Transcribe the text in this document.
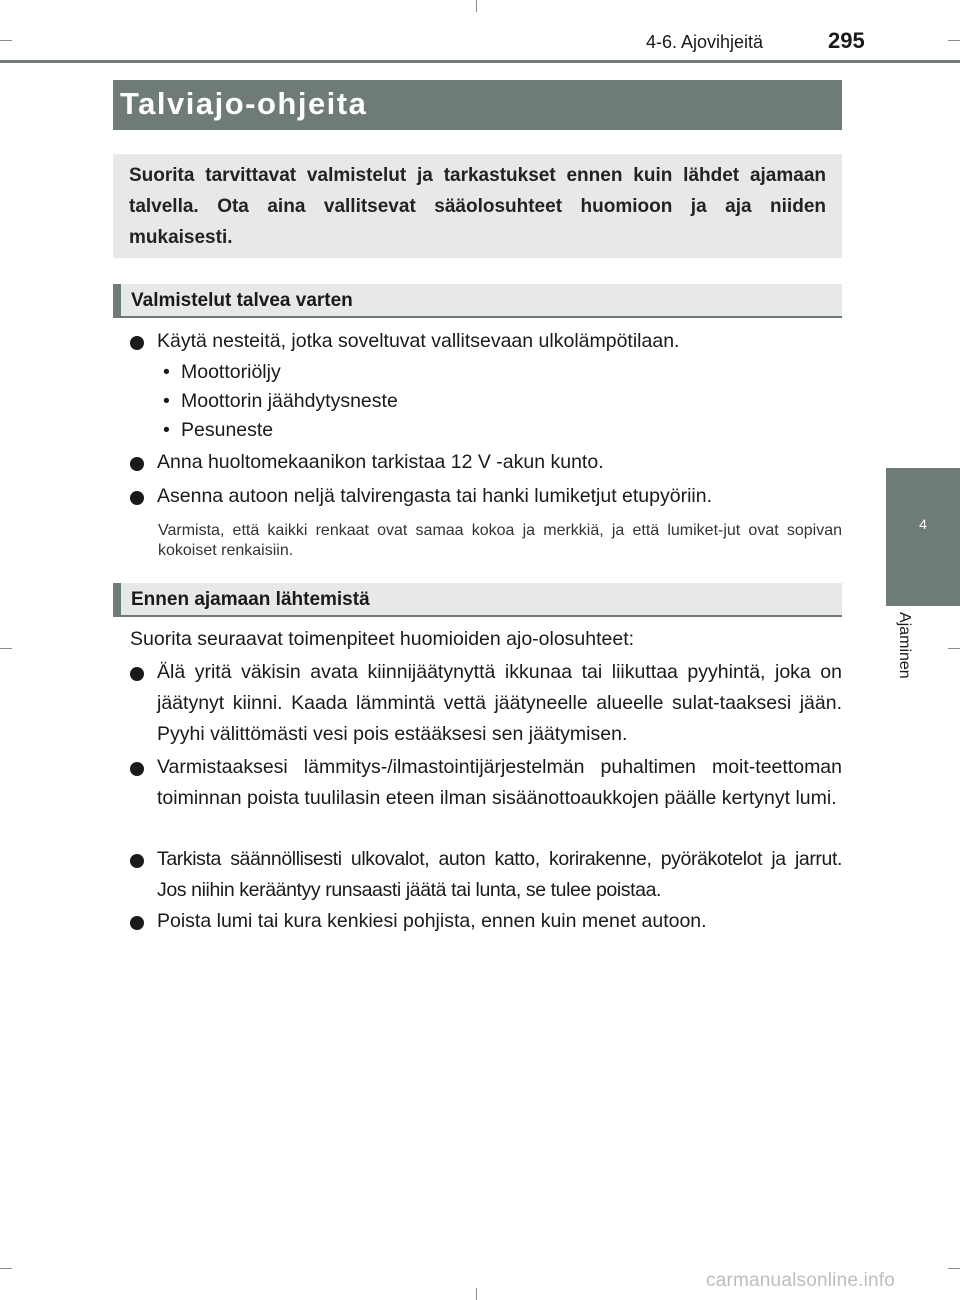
4-6. Ajovihjeitä	295
4
Ajaminen
Talviajo-ohjeita
Suorita tarvittavat valmistelut ja tarkastukset ennen kuin lähdet ajamaan talvella. Ota aina vallitsevat sääolosuhteet huomioon ja aja niiden mukaisesti.
Valmistelut talvea varten
Käytä nesteitä, jotka soveltuvat vallitsevaan ulkolämpötilaan.
• Moottoriöljy
• Moottorin jäähdytysneste
• Pesuneste
Anna huoltomekaanikon tarkistaa 12 V -akun kunto.
Asenna autoon neljä talvirengasta tai hanki lumiketjut etupyöriin.
Varmista, että kaikki renkaat ovat samaa kokoa ja merkkiä, ja että lumiket-jut ovat sopivan kokoiset renkaisiin.
Ennen ajamaan lähtemistä
Suorita seuraavat toimenpiteet huomioiden ajo-olosuhteet:
Älä yritä väkisin avata kiinnijäätynyttä ikkunaa tai liikuttaa pyyhintä, joka on jäätynyt kiinni. Kaada lämmintä vettä jäätyneelle alueelle sulat-taaksesi jään. Pyyhi välittömästi vesi pois estääksesi sen jäätymisen.
Varmistaaksesi lämmitys-/ilmastointijärjestelmän puhaltimen moit-teettoman toiminnan poista tuulilasin eteen ilman sisäänottoaukkojen päälle kertynyt lumi.
Tarkista säännöllisesti ulkovalot, auton katto, korirakenne, pyöräkotelot ja jarrut. Jos niihin kerääntyy runsaasti jäätä tai lunta, se tulee poistaa.
Poista lumi tai kura kenkiesi pohjista, ennen kuin menet autoon.
carmanualsonline.info
